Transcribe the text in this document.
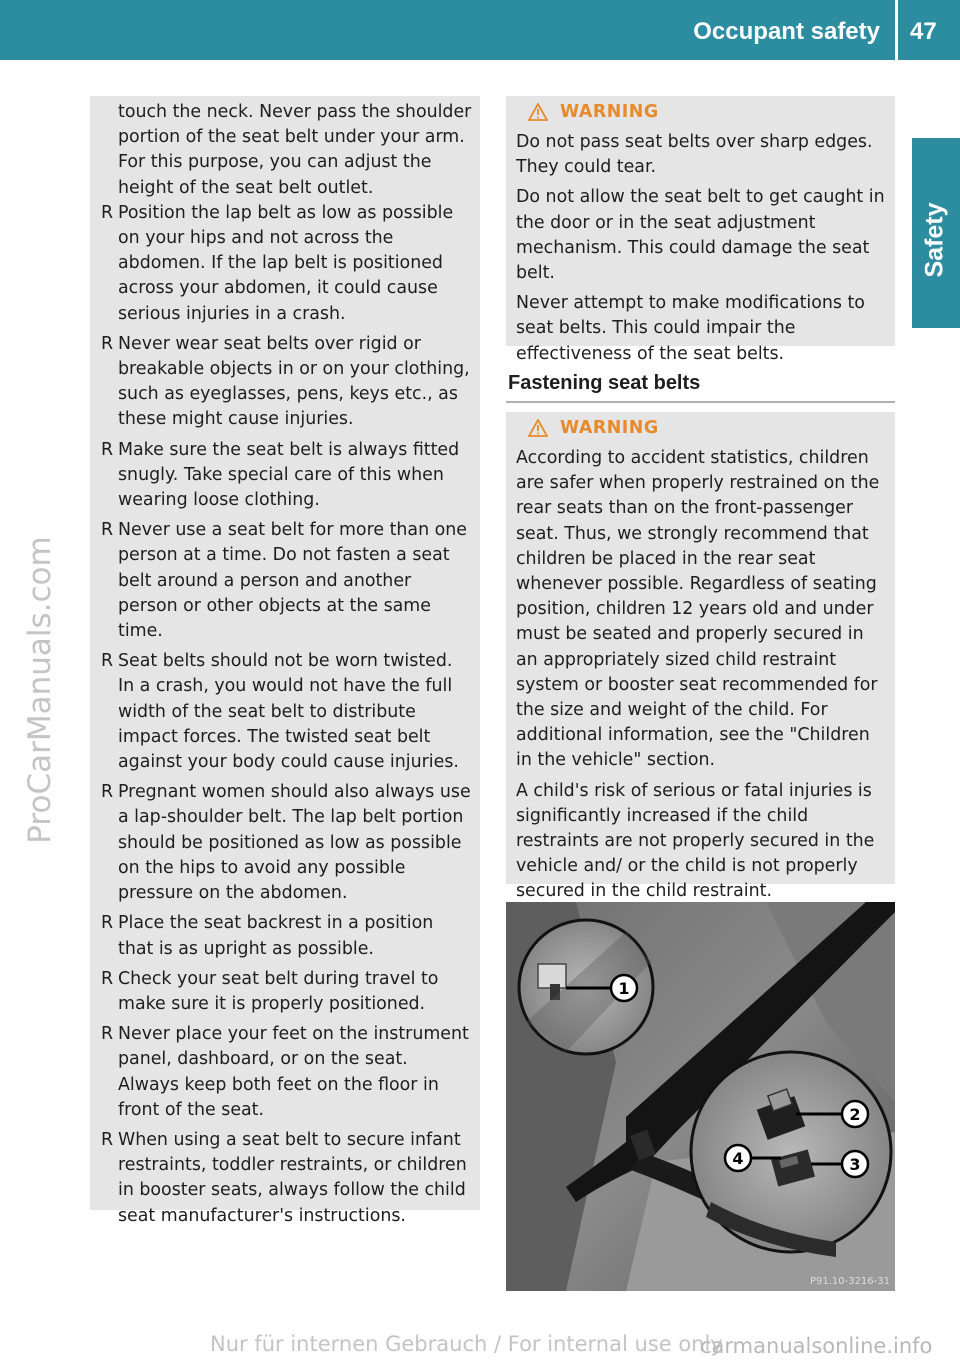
Occupant safety 47
Safety
ProCarManuals.com

touch the neck. Never pass the shoulder portion of the seat belt under your arm. For this purpose, you can adjust the height of the seat belt outlet.

R Position the lap belt as low as possible on your hips and not across the abdomen. If the lap belt is positioned across your abdomen, it could cause serious injuries in a crash.
R Never wear seat belts over rigid or breakable objects in or on your clothing, such as eyeglasses, pens, keys etc., as these might cause injuries.
R Make sure the seat belt is always fitted snugly. Take special care of this when wearing loose clothing.
R Never use a seat belt for more than one person at a time. Do not fasten a seat belt around a person and another person or other objects at the same time.
R Seat belts should not be worn twisted. In a crash, you would not have the full width of the seat belt to distribute impact forces. The twisted seat belt against your body could cause injuries.
R Pregnant women should also always use a lap-shoulder belt. The lap belt portion should be positioned as low as possible on the hips to avoid any possible pressure on the abdomen.
R Place the seat backrest in a position that is as upright as possible.
R Check your seat belt during travel to make sure it is properly positioned.
R Never place your feet on the instrument panel, dashboard, or on the seat. Always keep both feet on the floor in front of the seat.
R When using a seat belt to secure infant restraints, toddler restraints, or children in booster seats, always follow the child seat manufacturer's instructions.
WARNING

Do not pass seat belts over sharp edges. They could tear.

Do not allow the seat belt to get caught in the door or in the seat adjustment mechanism. This could damage the seat belt.

Never attempt to make modifications to seat belts. This could impair the effectiveness of the seat belts.

Fastening seat belts
WARNING

According to accident statistics, children are safer when properly restrained on the rear seats than on the front-passenger seat. Thus, we strongly recommend that children be placed in the rear seat whenever possible. Regardless of seating position, children 12 years old and under must be seated and properly secured in an appropriately sized child restraint system or booster seat recommended for the size and weight of the child. For additional information, see the "Children in the vehicle" section.

A child's risk of serious or fatal injuries is significantly increased if the child restraints are not properly secured in the vehicle and/ or the child is not properly secured in the child restraint.

1
2
3
4
P91.10-3216-31
Nur für internen Gebrauch / For internal use only
carmanualsonline.info
